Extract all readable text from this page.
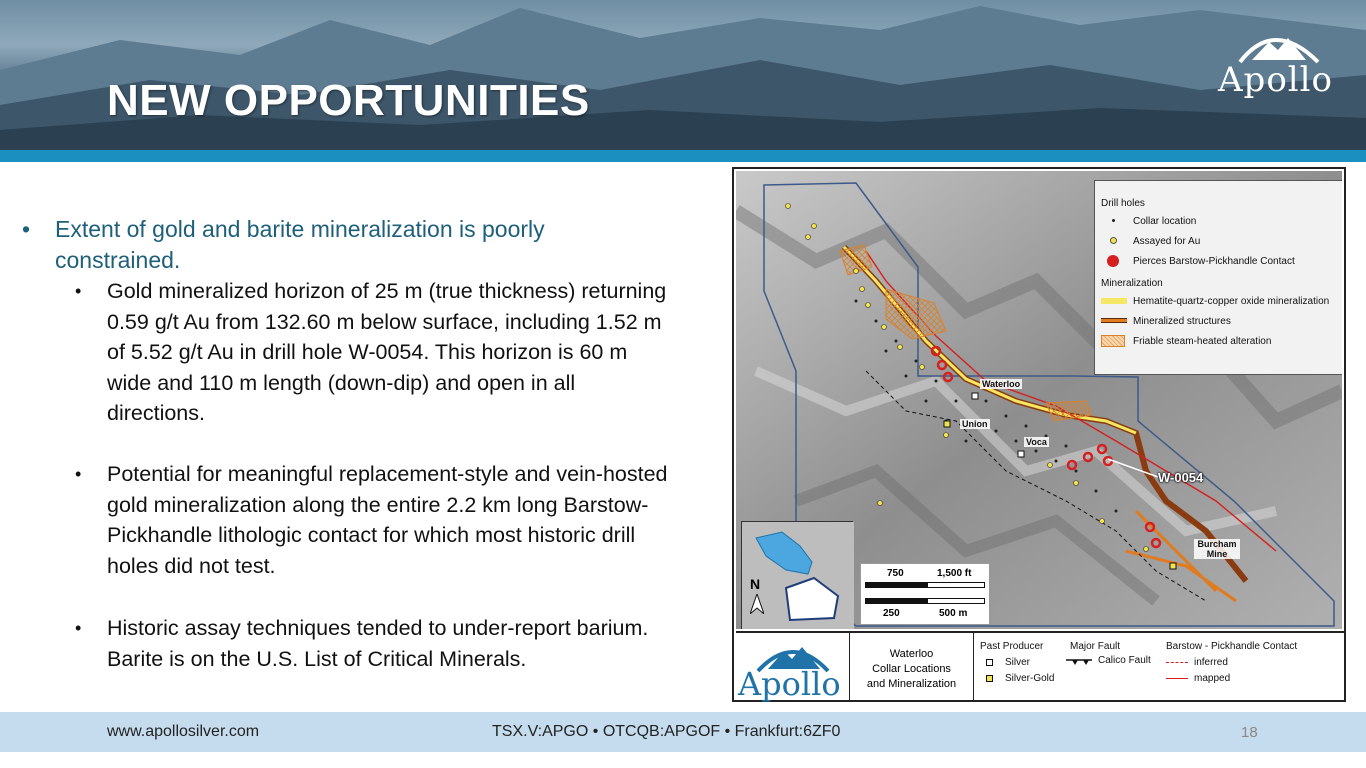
NEW OPPORTUNITIES	Apollo
•	Extent of gold and barite mineralization is poorly constrained.
•	Gold mineralized horizon of 25 m (true thickness) returning 0.59 g/t Au from 132.60 m below surface, including 1.52 m of 5.52 g/t Au in drill hole W-0054. This horizon is 60 m wide and 110 m length (down-dip) and open in all directions.
•	Potential for meaningful replacement-style and vein-hosted gold mineralization along the entire 2.2 km long Barstow-Pickhandle lithologic contact for which most historic drill holes did not test.
•	Historic assay techniques tended to under-report barium. Barite is on the U.S. List of Critical Minerals.
Waterloo
Union
Voca
Burcham Mine
W-0054
Drill holes
Collar location
Assayed for Au
Pierces Barstow-Pickhandle Contact
Mineralization
Hematite-quartz-copper oxide mineralization
Mineralized structures
Friable steam-heated alteration
N
750	1,500 ft
250	500 m
Apollo
Waterloo
Collar Locations
and Mineralization
Past Producer
Silver
Silver-Gold
Major Fault
Calico Fault
Barstow - Pickhandle Contact
inferred
mapped
www.apollosilver.com	TSX.V:APGO • OTCQB:APGOF • Frankfurt:6ZF0	18
